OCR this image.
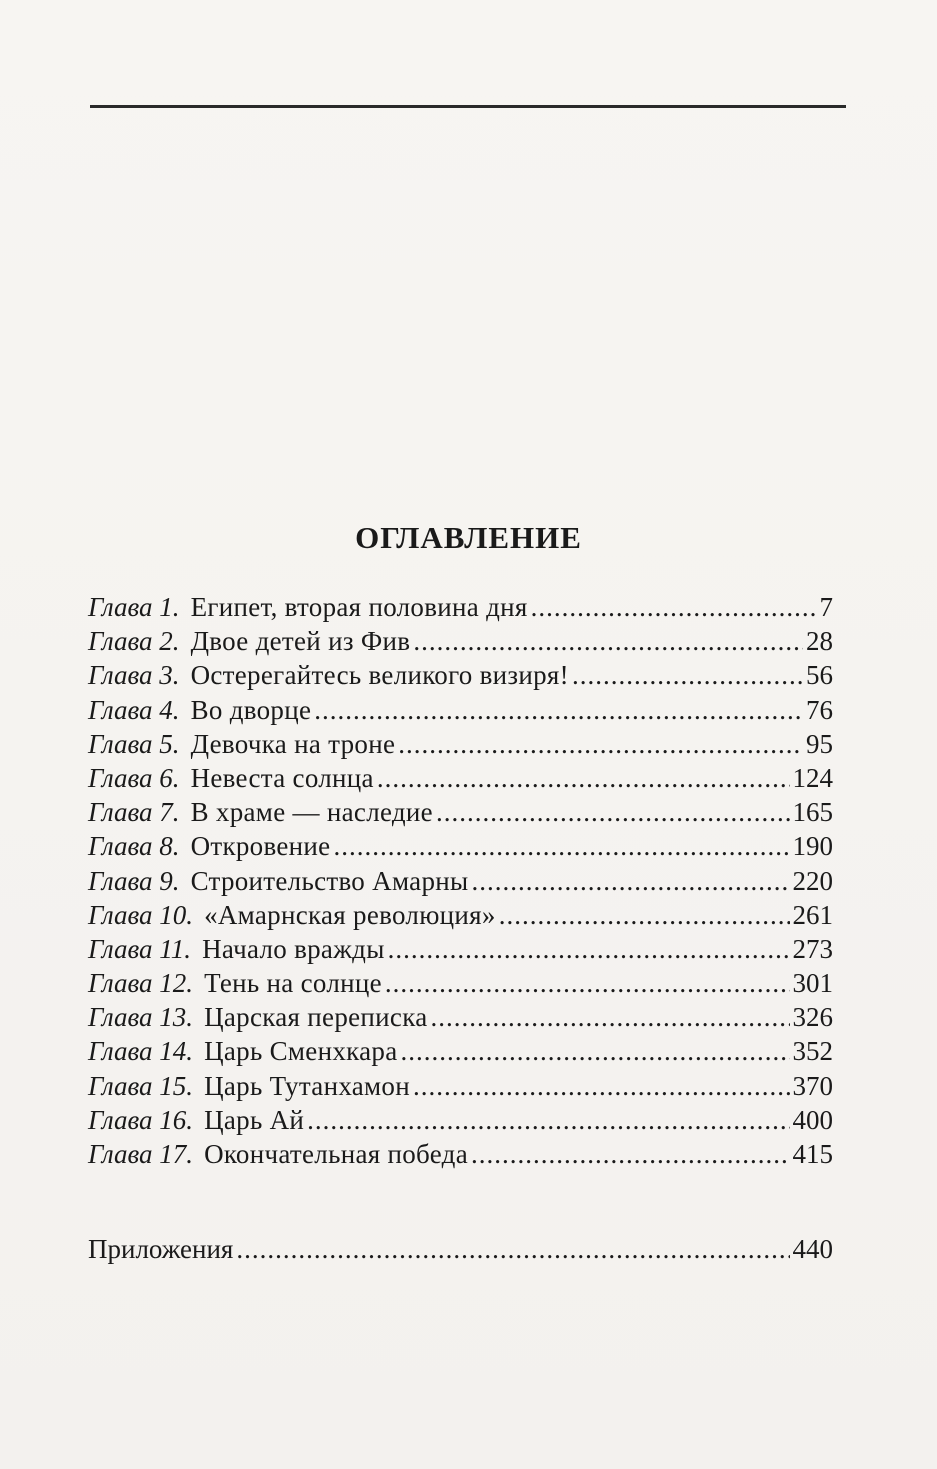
ОГЛАВЛЕНИЕ
Глава 1. Египет, вторая половина дня .....	7
Глава 2. Двое детей из Фив .....	28
Глава 3. Остерегайтесь великого визиря! .....	56
Глава 4. Во дворце .....	76
Глава 5. Девочка на троне .....	95
Глава 6. Невеста солнца .....	124
Глава 7. В храме — наследие .....	165
Глава 8. Откровение .....	190
Глава 9. Строительство Амарны .....	220
Глава 10. «Амарнская революция» .....	261
Глава 11. Начало вражды .....	273
Глава 12. Тень на солнце .....	301
Глава 13. Царская переписка .....	326
Глава 14. Царь Сменхкара .....	352
Глава 15. Царь Тутанхамон .....	370
Глава 16. Царь Ай .....	400
Глава 17. Окончательная победа .....	415
Приложения .....	440
